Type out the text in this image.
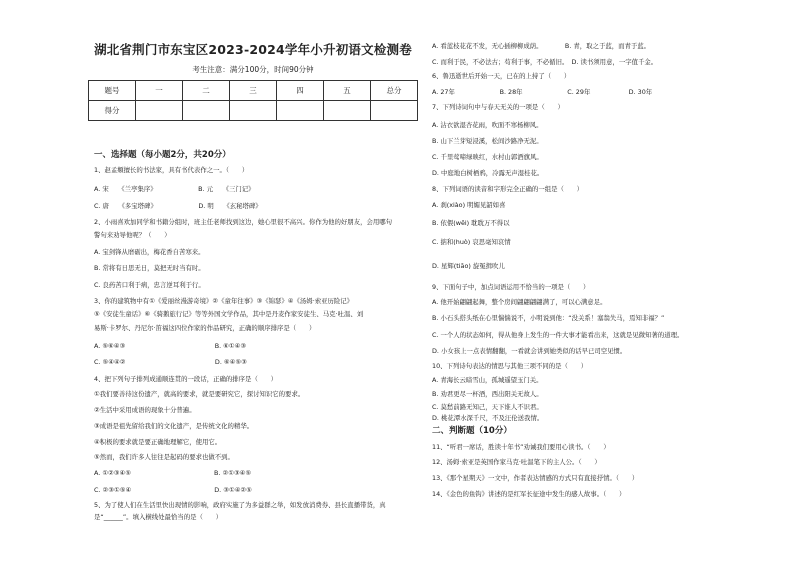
湖北省荆门市东宝区2023-2024学年小升初语文检测卷
考生注意：满分100分，时间90分钟
题号	一	二	三	四	五	总分
得分						
一、选择题（每小题2分，共20分）
1、赵孟頫擅长的书法家，具有书代表作之一。（　　）
A. 宋　　《兰亭集序》　　　　　　　B. 元　　《三门记》
C. 唐　　《多宝塔碑》　　　　　　　D. 明　　《玄秘塔碑》
2、小雨喜欢加同学和书籍分组时，班主任老师找到这边，她心里很不高兴。你作为他的好朋友，会用哪句
警句来劝导他呢？（　　）
A. 宝剑锋从磨砺出，梅花香自苦寒来。
B. 常将有日思无日，莫把无时当有时。
C. 良药苦口利于病，忠言逆耳利于行。
3、你的建筑物中有①《爱丽丝漫游奇境》②《童年往事》③《锦瑟》④《汤姆·索亚历险记》
⑤《安徒生童话》⑥《骑鹅旅行记》等等外国文学作品，其中是丹麦作家安徒生、马克·吐温、刘
易斯·卡罗尔、丹尼尔·笛福这四位作家的作品研究，正确的顺序排序是（　　）
A. ⑤⑥④③　　　　　　　　　　　　　　B. ⑥①④③
C. ⑤④④②　　　　　　　　　　　　　　D. ⑥④⑤③
4、把下列句子排列成通顺连贯的一段话，正确的排序是（　　）
①我们要善待这份遗产，就高的要求，就是要研究它，探讨知识它的要求。
②生活中采用成语的现象十分普遍。
③成语是祖先留给我们的文化遗产，是传统文化的精华。
④积极的要求就是要正确地理解它，使用它。
⑤然而，我们许多人往往是起码的要求也做不到。
A. ①②③④⑤　　　　　　　　　　　　　B. ②①③④⑤
C. ②③①⑤④　　　　　　　　　　　　　D. ③①④②⑤
5、为了使人们在生活里快出现情的影响，政府实施了为多益群之举，如发放消费券、县长直播带货，真
是“______”。填入横线处最恰当的是（　　）
A. 看蓝枝花花不发，无心插柳柳成荫。　　　　B. 青，取之于蓝，而青于蓝。
C. 而利于民，不必法古；苟利于事，不必循旧。　D. 读书须用意，一字值千金。
6、鲁迅逝世后开始一天，已在的上持了（　　）
A. 27年　　　　　　　B. 28年　　　　　　　C. 29年　　　　　　D. 30年
7、下列诗词句中与春天无关的一项是（　　）
A. 沾衣欲湿杏花雨，吹面不寒杨柳风。
B. 山下兰芽短浸溪，松间沙路净无泥。
C. 千里莺啼绿映红，水村山郭酒旗风。
D. 中庭地白树栖鸦，冷露无声湿桂花。
8、下列词语的读音和字形完全正确的一组是（　　）
A. 刹(xiào) 明媚见韶如喜
B. 依偎(wēi) 耽耽万不得以
C. 掂和(huò) 哀思毫知哀情
D. 星辉(tiāo) 旋冤揖吹儿
9、下面句子中，加点词语运用不恰当的一项是（　　）
A. 他开始翩翩起舞，整个房间翩翩翩翩满了，可以心满意足。
B. 小石头搭头纸在心里惴惴说不，小明说到他：“没关系！塞翁失马，焉知非福？”
C. 一个人的状态如何，得从他身上发生的一件大事才能看出来，这就是见微知著的道理。
D. 小女孩上一点表情翻翻，一看就会讲到她类似的话早已司空见惯。
10、下列诗句表达的情思与其他三项不同的是（　　）
A. 青海长云暗雪山，孤城遥望玉门关。
B. 劝君更尽一杯酒，西出阳关无故人。
C. 莫愁前路无知己，天下谁人不识君。
D. 桃花潭水深千尺，不及汪伦送我情。
二、判断题（10分）
11、“听君一席话，胜读十年书”劝诫我们要用心读书。（　　）
12、汤姆·索亚是英国作家马克·吐温笔下的主人公。（　　）
13、《那个星期天》一文中，作者表达情感的方式只有直接抒情。（　　）
14、《金色的鱼钩》讲述的是红军长征途中发生的感人故事。（　　）
